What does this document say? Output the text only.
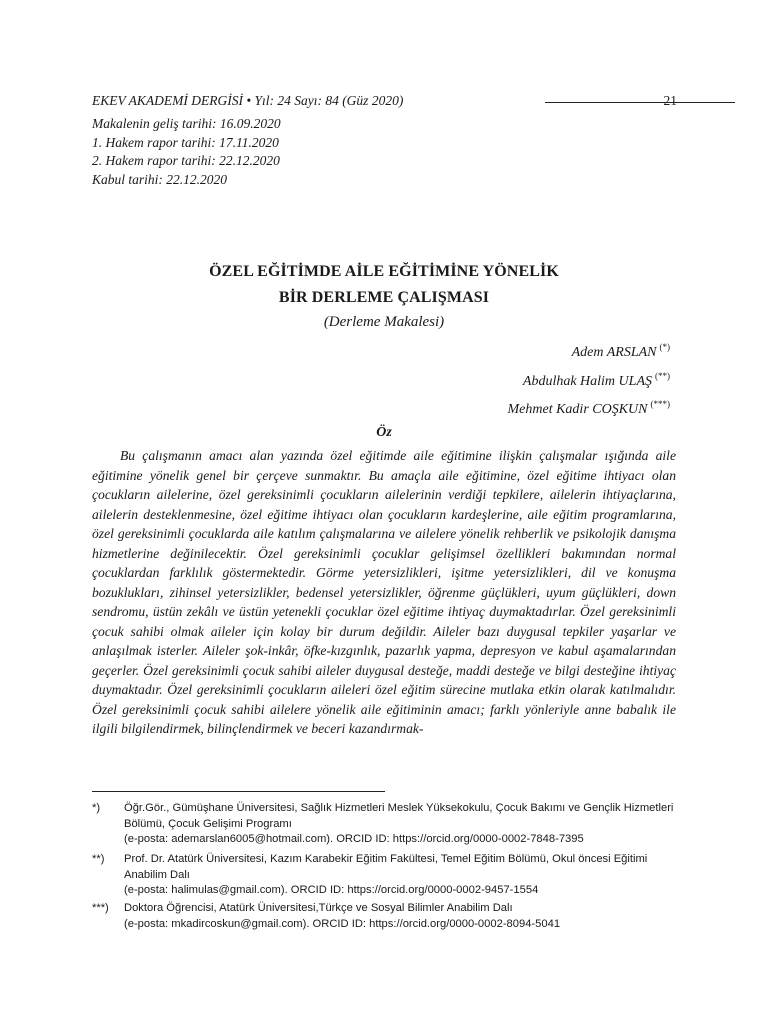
EKEV AKADEMİ DERGİSİ • Yıl: 24 Sayı: 84 (Güz 2020)	21
Makalenin geliş tarihi: 16.09.2020
1. Hakem rapor tarihi: 17.11.2020
2. Hakem rapor tarihi: 22.12.2020
Kabul tarihi: 22.12.2020
ÖZEL EĞİTİMDE AİLE EĞİTİMİNE YÖNELİK
BİR DERLEME ÇALIŞMASI
(Derleme Makalesi)
Adem ARSLAN (*)
Abdulhak Halim ULAŞ (**)
Mehmet Kadir COŞKUN (***)
Öz

Bu çalışmanın amacı alan yazında özel eğitimde aile eğitimine ilişkin çalışmalar ışığında aile eğitimine yönelik genel bir çerçeve sunmaktır. Bu amaçla aile eğitimine, özel eğitime ihtiyacı olan çocukların ailelerine, özel gereksinimli çocukların ailelerinin verdiği tepkilere, ailelerin ihtiyaçlarına, ailelerin desteklenmesine, özel eğitime ihtiyacı olan çocukların kardeşlerine, aile eğitim programlarına, özel gereksinimli çocuklarda aile katılım çalışmalarına ve ailelere yönelik rehberlik ve psikolojik danışma hizmetlerine değinilecektir. Özel gereksinimli çocuklar gelişimsel özellikleri bakımından normal çocuklardan farklılık göstermektedir. Görme yetersizlikleri, işitme yetersizlikleri, dil ve konuşma bozuklukları, zihinsel yetersizlikler, bedensel yetersizlikler, öğrenme güçlükleri, uyum güçlükleri, down sendromu, üstün zekâlı ve üstün yetenekli çocuklar özel eğitime ihtiyaç duymaktadırlar. Özel gereksinimli çocuk sahibi olmak aileler için kolay bir durum değildir. Aileler bazı duygusal tepkiler yaşarlar ve anlaşılmak isterler. Aileler şok-inkâr, öfke-kızgınlık, pazarlık yapma, depresyon ve kabul aşamalarından geçerler. Özel gereksinimli çocuk sahibi aileler duygusal desteğe, maddi desteğe ve bilgi desteğine ihtiyaç duymaktadır. Özel gereksinimli çocukların aileleri özel eğitim sürecine mutlaka etkin olarak katılmalıdır. Özel gereksinimli çocuk sahibi ailelere yönelik aile eğitiminin amacı; farklı yönleriyle anne babalık ile ilgili bilgilendirmek, bilinçlendirmek ve beceri kazandırmak-

*) Öğr.Gör., Gümüşhane Üniversitesi, Sağlık Hizmetleri Meslek Yüksekokulu, Çocuk Bakımı ve Gençlik Hizmetleri Bölümü, Çocuk Gelişimi Programı
(e-posta: ademarslan6005@hotmail.com). ORCID ID: https://orcid.org/0000-0002-7848-7395
**) Prof. Dr. Atatürk Üniversitesi, Kazım Karabekir Eğitim Fakültesi, Temel Eğitim Bölümü, Okul öncesi Eğitimi Anabilim Dalı
(e-posta: halimulas@gmail.com). ORCID ID: https://orcid.org/0000-0002-9457-1554
***) Doktora Öğrencisi, Atatürk Üniversitesi,Türkçe ve Sosyal Bilimler Anabilim Dalı
(e-posta: mkadircoskun@gmail.com). ORCID ID: https://orcid.org/0000-0002-8094-5041
